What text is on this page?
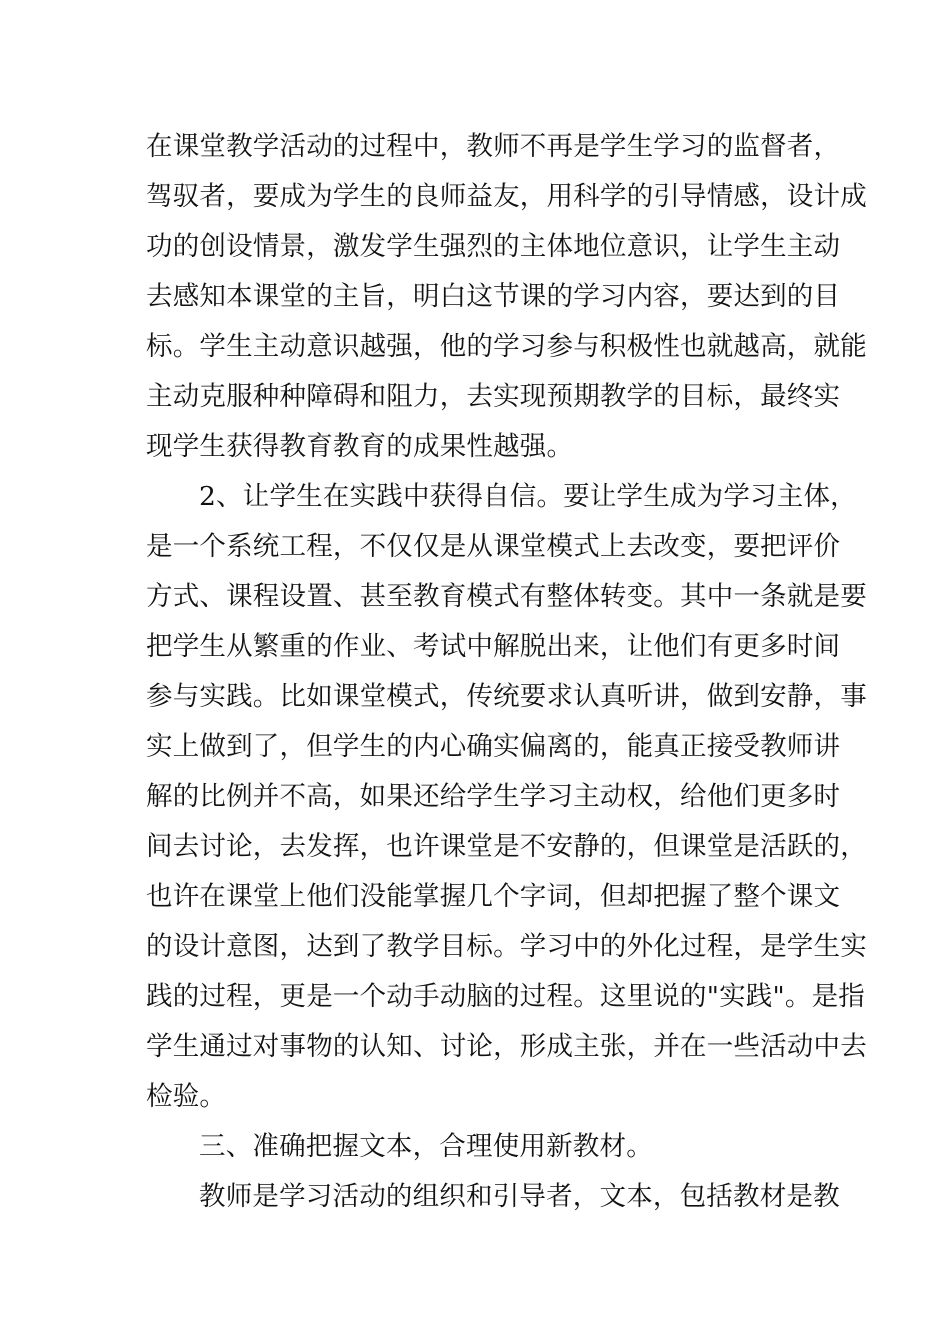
在课堂教学活动的过程中，教师不再是学生学习的监督者，
驾驭者，要成为学生的良师益友，用科学的引导情感，设计成
功的创设情景，激发学生强烈的主体地位意识，让学生主动
去感知本课堂的主旨，明白这节课的学习内容，要达到的目
标。学生主动意识越强，他的学习参与积极性也就越高，就能
主动克服种种障碍和阻力，去实现预期教学的目标，最终实
现学生获得教育教育的成果性越强。
2、让学生在实践中获得自信。要让学生成为学习主体，
是一个系统工程，不仅仅是从课堂模式上去改变，要把评价
方式、课程设置、甚至教育模式有整体转变。其中一条就是要
把学生从繁重的作业、考试中解脱出来，让他们有更多时间
参与实践。比如课堂模式，传统要求认真听讲，做到安静，事
实上做到了，但学生的内心确实偏离的，能真正接受教师讲
解的比例并不高，如果还给学生学习主动权，给他们更多时
间去讨论，去发挥，也许课堂是不安静的，但课堂是活跃的，
也许在课堂上他们没能掌握几个字词，但却把握了整个课文
的设计意图，达到了教学目标。学习中的外化过程，是学生实
践的过程，更是一个动手动脑的过程。这里说的"实践"。是指
学生通过对事物的认知、讨论，形成主张，并在一些活动中去
检验。
三、准确把握文本，合理使用新教材。
教师是学习活动的组织和引导者，文本，包括教材是教
